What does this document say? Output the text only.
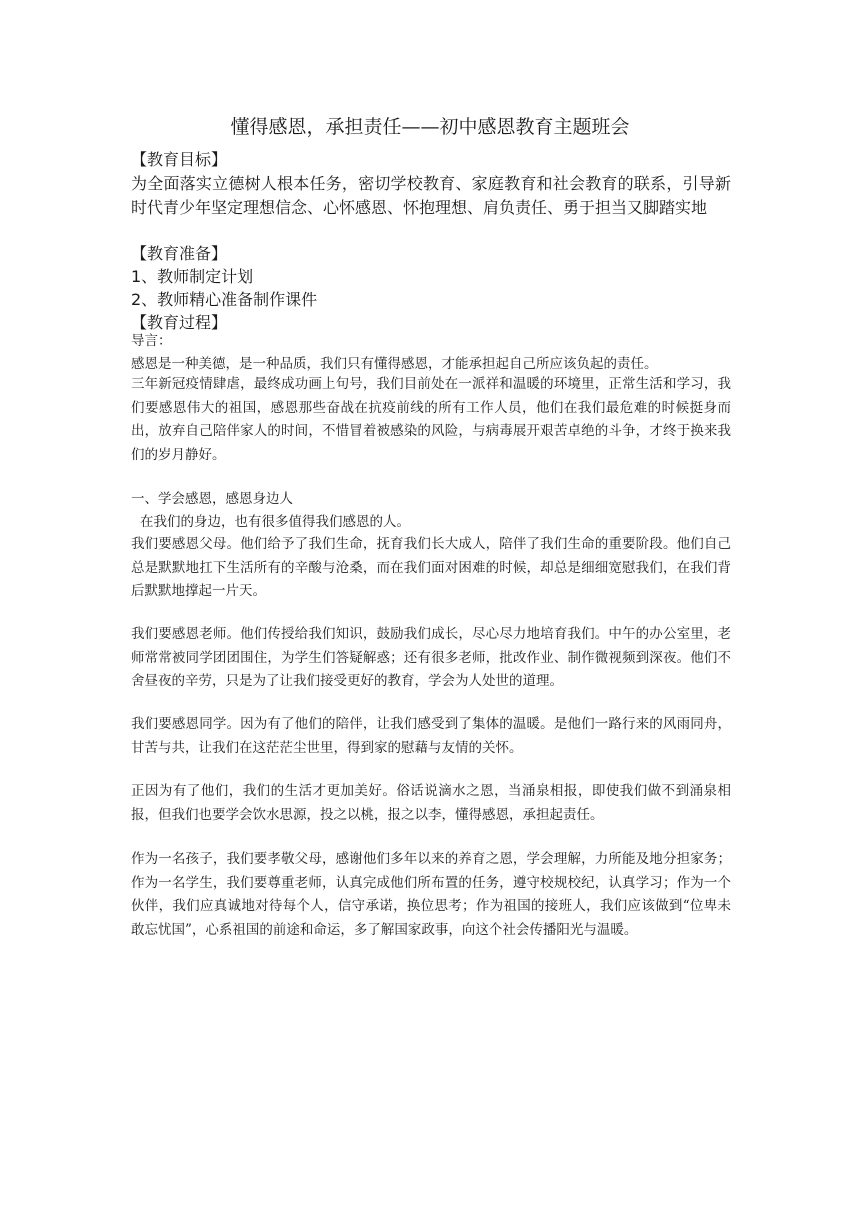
懂得感恩，承担责任——初中感恩教育主题班会
【教育目标】
为全面落实立德树人根本任务，密切学校教育、家庭教育和社会教育的联系，引导新时代青少年坚定理想信念、心怀感恩、怀抱理想、肩负责任、勇于担当又脚踏实地
【教育准备】
1、教师制定计划
2、教师精心准备制作课件
【教育过程】
导言：
感恩是一种美德，是一种品质，我们只有懂得感恩，才能承担起自己所应该负起的责任。
三年新冠疫情肆虐，最终成功画上句号，我们目前处在一派祥和温暖的环境里，正常生活和学习，我们要感恩伟大的祖国，感恩那些奋战在抗疫前线的所有工作人员，他们在我们最危难的时候挺身而出，放弃自己陪伴家人的时间，不惜冒着被感染的风险，与病毒展开艰苦卓绝的斗争，才终于换来我们的岁月静好。
一、学会感恩，感恩身边人
在我们的身边，也有很多值得我们感恩的人。
我们要感恩父母。他们给予了我们生命，抚育我们长大成人，陪伴了我们生命的重要阶段。他们自己总是默默地扛下生活所有的辛酸与沧桑，而在我们面对困难的时候，却总是细细宽慰我们，在我们背后默默地撑起一片天。
我们要感恩老师。他们传授给我们知识，鼓励我们成长，尽心尽力地培育我们。中午的办公室里，老师常常被同学团团围住，为学生们答疑解惑；还有很多老师，批改作业、制作微视频到深夜。他们不舍昼夜的辛劳，只是为了让我们接受更好的教育，学会为人处世的道理。
我们要感恩同学。因为有了他们的陪伴，让我们感受到了集体的温暖。是他们一路行来的风雨同舟，甘苦与共，让我们在这茫茫尘世里，得到家的慰藉与友情的关怀。
正因为有了他们，我们的生活才更加美好。俗话说滴水之恩，当涌泉相报，即使我们做不到涌泉相报，但我们也要学会饮水思源，投之以桃，报之以李，懂得感恩，承担起责任。
作为一名孩子，我们要孝敬父母，感谢他们多年以来的养育之恩，学会理解，力所能及地分担家务；作为一名学生，我们要尊重老师，认真完成他们所布置的任务，遵守校规校纪，认真学习；作为一个伙伴，我们应真诚地对待每个人，信守承诺，换位思考；作为祖国的接班人，我们应该做到“位卑未敢忘忧国”，心系祖国的前途和命运，多了解国家政事，向这个社会传播阳光与温暖。
